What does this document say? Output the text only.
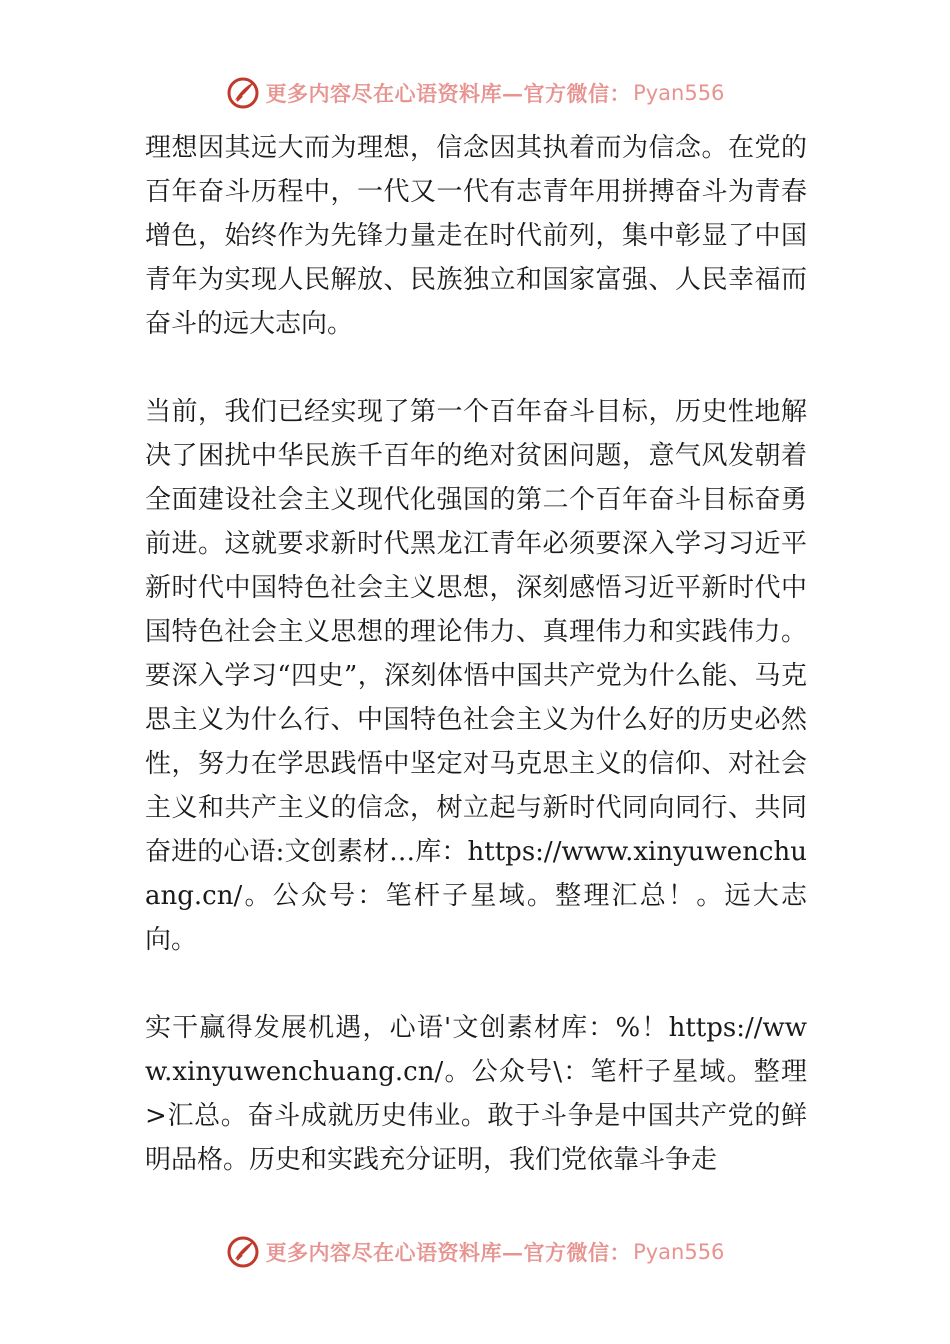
更多内容尽在心语资料库—官方微信： Pyan556

理想因其远大而为理想，信念因其执着而为信念。在党的百年奋斗历程中，一代又一代有志青年用拼搏奋斗为青春增色，始终作为先锋力量走在时代前列，集中彰显了中国青年为实现人民解放、民族独立和国家富强、人民幸福而奋斗的远大志向。

当前，我们已经实现了第一个百年奋斗目标，历史性地解决了困扰中华民族千百年的绝对贫困问题，意气风发朝着全面建设社会主义现代化强国的第二个百年奋斗目标奋勇前进。这就要求新时代黑龙江青年必须要深入学习习近平新时代中国特色社会主义思想，深刻感悟习近平新时代中国特色社会主义思想的理论伟力、真理伟力和实践伟力。要深入学习“四史”，深刻体悟中国共产党为什么能、马克思主义为什么行、中国特色社会主义为什么好的历史必然性，努力在学思践悟中坚定对马克思主义的信仰、对社会主义和共产主义的信念，树立起与新时代同向同行、共同奋进的心语:文创素材…库：https://www.xinyuwenchuang.cn/。公众号：笔杆子星域。整理汇总！。远大志向。

实干赢得发展机遇，心语'文创素材库：%！https://www.xinyuwenchuang.cn/。公众号\：笔杆子星域。整理>汇总。奋斗成就历史伟业。敢于斗争是中国共产党的鲜明品格。历史和实践充分证明，我们党依靠斗争走

更多内容尽在心语资料库—官方微信： Pyan556
